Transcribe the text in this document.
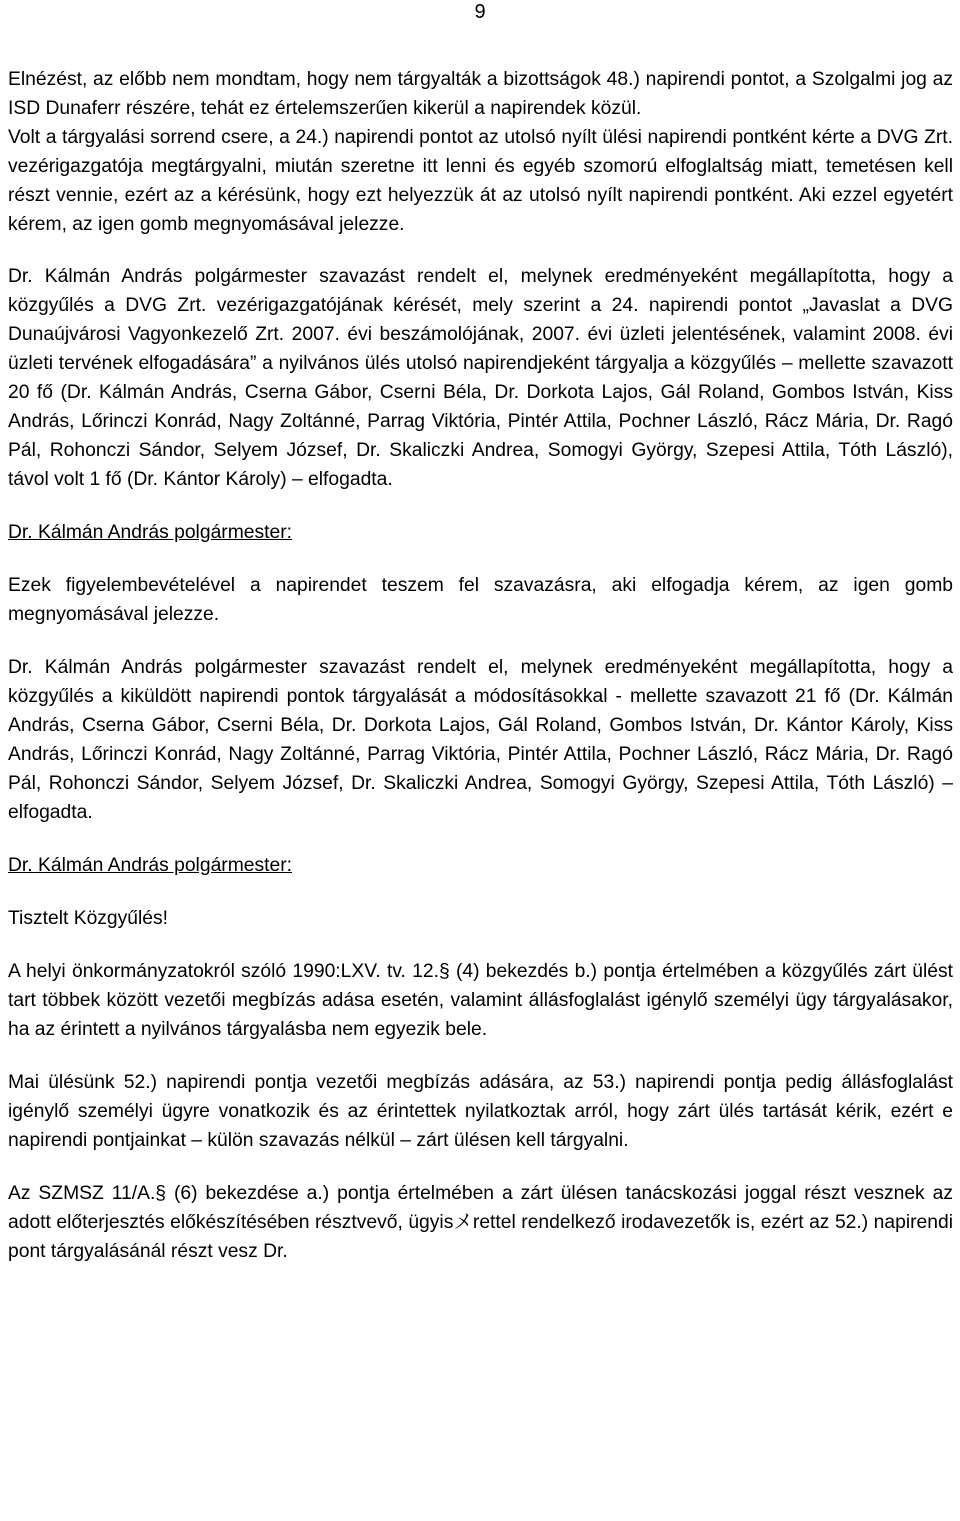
9

Elnézést, az előbb nem mondtam, hogy nem tárgyalták a bizottságok 48.) napirendi pontot, a Szolgalmi jog az ISD Dunaferr részére, tehát ez értelemszerűen kikerül a napirendek közül.

Volt a tárgyalási sorrend csere, a 24.) napirendi pontot az utolsó nyílt ülési napirendi pontként kérte a DVG Zrt. vezérigazgatója megtárgyalni, miután szeretne itt lenni és egyéb szomorú elfoglaltság miatt, temetésen kell részt vennie, ezért az a kérésünk, hogy ezt helyezzük át az utolsó nyílt napirendi pontként. Aki ezzel egyetért kérem, az igen gomb megnyomásával jelezze.

Dr. Kálmán András polgármester szavazást rendelt el, melynek eredményeként megállapította, hogy a közgyűlés a DVG Zrt. vezérigazgatójának kérését, mely szerint a 24. napirendi pontot „Javaslat a DVG Dunaújvárosi Vagyonkezelő Zrt. 2007. évi beszámolójának, 2007. évi üzleti jelentésének, valamint 2008. évi üzleti tervének elfogadására” a nyilvános ülés utolsó napirendjeként tárgyalja a közgyűlés – mellette szavazott 20 fő (Dr. Kálmán András, Cserna Gábor, Cserni Béla, Dr. Dorkota Lajos, Gál Roland, Gombos István, Kiss András, Lőrinczi Konrád, Nagy Zoltánné, Parrag Viktória, Pintér Attila, Pochner László, Rácz Mária, Dr. Ragó Pál, Rohonczi Sándor, Selyem József, Dr. Skaliczki Andrea, Somogyi György, Szepesi Attila, Tóth László), távol volt 1 fő (Dr. Kántor Károly) – elfogadta.

Dr. Kálmán András polgármester:

Ezek figyelembevételével a napirendet teszem fel szavazásra, aki elfogadja kérem, az igen gomb megnyomásával jelezze.

Dr. Kálmán András polgármester szavazást rendelt el, melynek eredményeként megállapította, hogy a közgyűlés a kiküldött napirendi pontok tárgyalását a módosításokkal - mellette szavazott 21 fő (Dr. Kálmán András, Cserna Gábor, Cserni Béla, Dr. Dorkota Lajos, Gál Roland, Gombos István, Dr. Kántor Károly, Kiss András, Lőrinczi Konrád, Nagy Zoltánné, Parrag Viktória, Pintér Attila, Pochner László, Rácz Mária, Dr. Ragó Pál, Rohonczi Sándor, Selyem József, Dr. Skaliczki Andrea, Somogyi György, Szepesi Attila, Tóth László) – elfogadta.

Dr. Kálmán András polgármester:

Tisztelt Közgyűlés!

A helyi önkormányzatokról szóló 1990:LXV. tv. 12.§ (4) bekezdés b.) pontja értelmében a közgyűlés zárt ülést tart többek között vezetői megbízás adása esetén, valamint állásfoglalást igénylő személyi ügy tárgyalásakor, ha az érintett a nyilvános tárgyalásba nem egyezik bele.

Mai ülésünk 52.) napirendi pontja vezetői megbízás adására, az 53.) napirendi pontja pedig állásfoglalást igénylő személyi ügyre vonatkozik és az érintettek nyilatkoztak arról, hogy zárt ülés tartását kérik, ezért e napirendi pontjainkat – külön szavazás nélkül – zárt ülésen kell tárgyalni.

Az SZMSZ 11/A.§ (6) bekezdése a.) pontja értelmében a zárt ülésen tanácskozási joggal részt vesznek az adott előterjesztés előkészítésében résztvevő, ügyisメrettel rendelkező irodavezetők is, ezért az 52.) napirendi pont tárgyalásánál részt vesz Dr.
